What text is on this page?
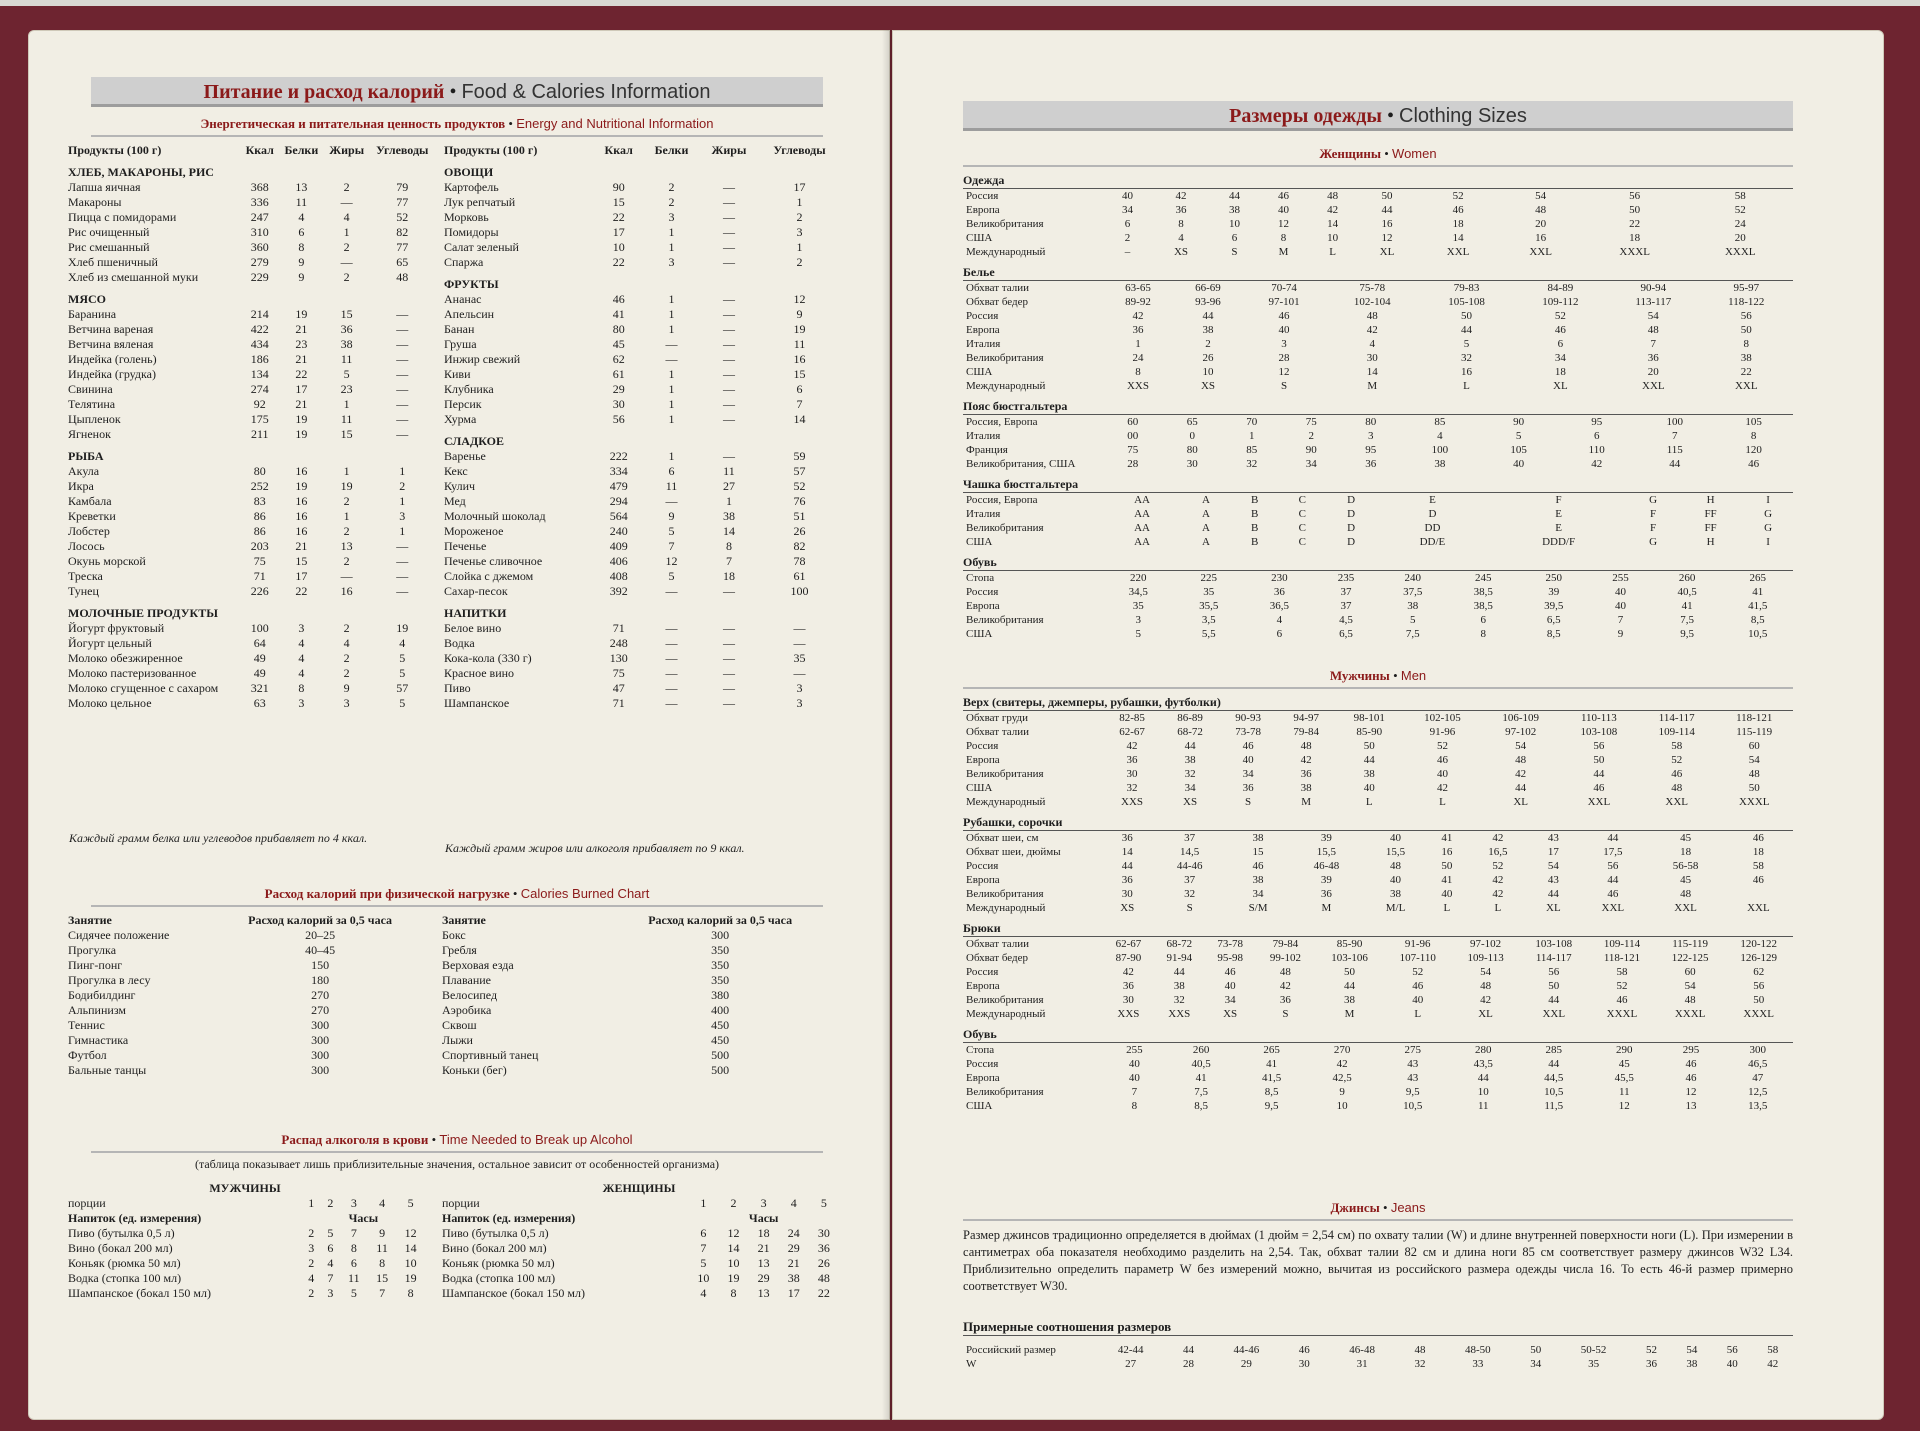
Питание и расход калорий • Food & Calories Information
Энергетическая и питательная ценность продуктов • Energy and Nutritional Information
Продукты (100 г)	Ккал	Белки	Жиры	Углеводы
ХЛЕБ, МАКАРОНЫ, РИС				
Лапша яичная	368	13	2	79
Макароны	336	11	—	77
Пицца с помидорами	247	4	4	52
Рис очищенный	310	6	1	82
Рис смешанный	360	8	2	77
Хлеб пшеничный	279	9	—	65
Хлеб из смешанной муки	229	9	2	48
МЯСО				
Баранина	214	19	15	—
Ветчина вареная	422	21	36	—
Ветчина вяленая	434	23	38	—
Индейка (голень)	186	21	11	—
Индейка (грудка)	134	22	5	—
Свинина	274	17	23	—
Телятина	92	21	1	—
Цыпленок	175	19	11	—
Ягненок	211	19	15	—
РЫБА				
Акула	80	16	1	1
Икра	252	19	19	2
Камбала	83	16	2	1
Креветки	86	16	1	3
Лобстер	86	16	2	1
Лосось	203	21	13	—
Окунь морской	75	15	2	—
Треска	71	17	—	—
Тунец	226	22	16	—
МОЛОЧНЫЕ ПРОДУКТЫ				
Йогурт фруктовый	100	3	2	19
Йогурт цельный	64	4	4	4
Молоко обезжиренное	49	4	2	5
Молоко пастеризованное	49	4	2	5
Молоко сгущенное с сахаром	321	8	9	57
Молоко цельное	63	3	3	5
Каждый грамм белка или углеводов прибавляет по 4 ккал.
Продукты (100 г)	Ккал	Белки	Жиры	Углеводы
ОВОЩИ				
Картофель	90	2	—	17
Лук репчатый	15	2	—	1
Морковь	22	3	—	2
Помидоры	17	1	—	3
Салат зеленый	10	1	—	1
Спаржа	22	3	—	2
ФРУКТЫ				
Ананас	46	1	—	12
Апельсин	41	1	—	9
Банан	80	1	—	19
Груша	45	—	—	11
Инжир свежий	62	—	—	16
Киви	61	1	—	15
Клубника	29	1	—	6
Персик	30	1	—	7
Хурма	56	1	—	14
СЛАДКОЕ				
Варенье	222	1	—	59
Кекс	334	6	11	57
Кулич	479	11	27	52
Мед	294	—	1	76
Молочный шоколад	564	9	38	51
Мороженое	240	5	14	26
Печенье	409	7	8	82
Печенье сливочное	406	12	7	78
Слойка с джемом	408	5	18	61
Сахар-песок	392	—	—	100
НАПИТКИ				
Белое вино	71	—	—	—
Водка	248	—	—	—
Кока-кола (330 г)	130	—	—	35
Красное вино	75	—	—	—
Пиво	47	—	—	3
Шампанское	71	—	—	3
Каждый грамм жиров или алкоголя прибавляет по 9 ккал.
Расход калорий при физической нагрузке • Calories Burned Chart
Занятие	Расход калорий за 0,5 часа
Сидячее положение	20–25
Прогулка	40–45
Пинг-понг	150
Прогулка в лесу	180
Бодибилдинг	270
Альпинизм	270
Теннис	300
Гимнастика	300
Футбол	300
Бальные танцы	300
Занятие	Расход калорий за 0,5 часа
Бокс	300
Гребля	350
Верховая езда	350
Плавание	350
Велосипед	380
Аэробика	400
Сквош	450
Лыжи	450
Спортивный танец	500
Коньки (бег)	500
Распад алкоголя в крови • Time Needed to Break up Alcohol
(таблица показывает лишь приблизительные значения, остальное зависит от особенностей организма)
МУЖЧИНЫ
порции	1	2	3	4	5
Напиток (ед. измерения)	Часы				
Пиво (бутылка 0,5 л)	2	5	7	9	12
Вино (бокал 200 мл)	3	6	8	11	14
Коньяк (рюмка 50 мл)	2	4	6	8	10
Водка (стопка 100 мл)	4	7	11	15	19
Шампанское (бокал 150 мл)	2	3	5	7	8
ЖЕНЩИНЫ
порции	1	2	3	4	5
Напиток (ед. измерения)	Часы				
Пиво (бутылка 0,5 л)	6	12	18	24	30
Вино (бокал 200 мл)	7	14	21	29	36
Коньяк (рюмка 50 мл)	5	10	13	21	26
Водка (стопка 100 мл)	10	19	29	38	48
Шампанское (бокал 150 мл)	4	8	13	17	22
Размеры одежды • Clothing Sizes
Женщины • Women
Одежда
Россия	40	42	44	46	48	50	52	54	56	58
Европа	34	36	38	40	42	44	46	48	50	52
Великобритания	6	8	10	12	14	16	18	20	22	24
США	2	4	6	8	10	12	14	16	18	20
Международный	–	XS	S	M	L	XL	XXL	XXL	XXXL	XXXL
Белье
Обхват талии	63-65	66-69	70-74	75-78	79-83	84-89	90-94	95-97
Обхват бедер	89-92	93-96	97-101	102-104	105-108	109-112	113-117	118-122
Россия	42	44	46	48	50	52	54	56
Европа	36	38	40	42	44	46	48	50
Италия	1	2	3	4	5	6	7	8
Великобритания	24	26	28	30	32	34	36	38
США	8	10	12	14	16	18	20	22
Международный	XXS	XS	S	M	L	XL	XXL	XXL
Пояс бюстгальтера
Россия, Европа	60	65	70	75	80	85	90	95	100	105
Италия	00	0	1	2	3	4	5	6	7	8
Франция	75	80	85	90	95	100	105	110	115	120
Великобритания, США	28	30	32	34	36	38	40	42	44	46
Чашка бюстгальтера
Россия, Европа	AA	A	B	C	D	E	F	G	H	I
Италия	AA	A	B	C	D	D	E	F	FF	G
Великобритания	AA	A	B	C	D	DD	E	F	FF	G
США	AA	A	B	C	D	DD/E	DDD/F	G	H	I
Обувь
Стопа	220	225	230	235	240	245	250	255	260	265
Россия	34,5	35	36	37	37,5	38,5	39	40	40,5	41
Европа	35	35,5	36,5	37	38	38,5	39,5	40	41	41,5
Великобритания	3	3,5	4	4,5	5	6	6,5	7	7,5	8,5
США	5	5,5	6	6,5	7,5	8	8,5	9	9,5	10,5
Мужчины • Men
Верх (свитеры, джемперы, рубашки, футболки)
Обхват груди	82-85	86-89	90-93	94-97	98-101	102-105	106-109	110-113	114-117	118-121
Обхват талии	62-67	68-72	73-78	79-84	85-90	91-96	97-102	103-108	109-114	115-119
Россия	42	44	46	48	50	52	54	56	58	60
Европа	36	38	40	42	44	46	48	50	52	54
Великобритания	30	32	34	36	38	40	42	44	46	48
США	32	34	36	38	40	42	44	46	48	50
Международный	XXS	XS	S	M	L	L	XL	XXL	XXL	XXXL
Рубашки, сорочки
Обхват шеи, см	36	37	38	39	40	41	42	43	44	45	46
Обхват шеи, дюймы	14	14,5	15	15,5	15,5	16	16,5	17	17,5	18	18
Россия	44	44-46	46	46-48	48	50	52	54	56	56-58	58
Европа	36	37	38	39	40	41	42	43	44	45	46
Великобритания	30	32	34	36	38	40	42	44	46	48	
Международный	XS	S	S/M	M	M/L	L	L	XL	XXL	XXL	XXL
Брюки
Обхват талии	62-67	68-72	73-78	79-84	85-90	91-96	97-102	103-108	109-114	115-119	120-122
Обхват бедер	87-90	91-94	95-98	99-102	103-106	107-110	109-113	114-117	118-121	122-125	126-129
Россия	42	44	46	48	50	52	54	56	58	60	62
Европа	36	38	40	42	44	46	48	50	52	54	56
Великобритания	30	32	34	36	38	40	42	44	46	48	50
Международный	XXS	XXS	XS	S	M	L	XL	XXL	XXXL	XXXL	XXXL
Обувь
Стопа	255	260	265	270	275	280	285	290	295	300
Россия	40	40,5	41	42	43	43,5	44	45	46	46,5
Европа	40	41	41,5	42,5	43	44	44,5	45,5	46	47
Великобритания	7	7,5	8,5	9	9,5	10	10,5	11	12	12,5
США	8	8,5	9,5	10	10,5	11	11,5	12	13	13,5
Джинсы • Jeans
Размер джинсов традиционно определяется в дюймах (1 дюйм = 2,54 см) по охвату талии (W) и длине внутренней поверхности ноги (L). При измерении в сантиметрах оба показателя необходимо разделить на 2,54. Так, обхват талии 82 см и длина ноги 85 см соответствует размеру джинсов W32 L34. Приблизительно определить параметр W без измерений можно, вычитая из российского размера одежды числа 16. То есть 46-й размер примерно соответствует W30.
Примерные соотношения размеров
Российский размер	42-44	44	44-46	46	46-48	48	48-50	50	50-52	52	54	56	58
W	27	28	29	30	31	32	33	34	35	36	38	40	42
